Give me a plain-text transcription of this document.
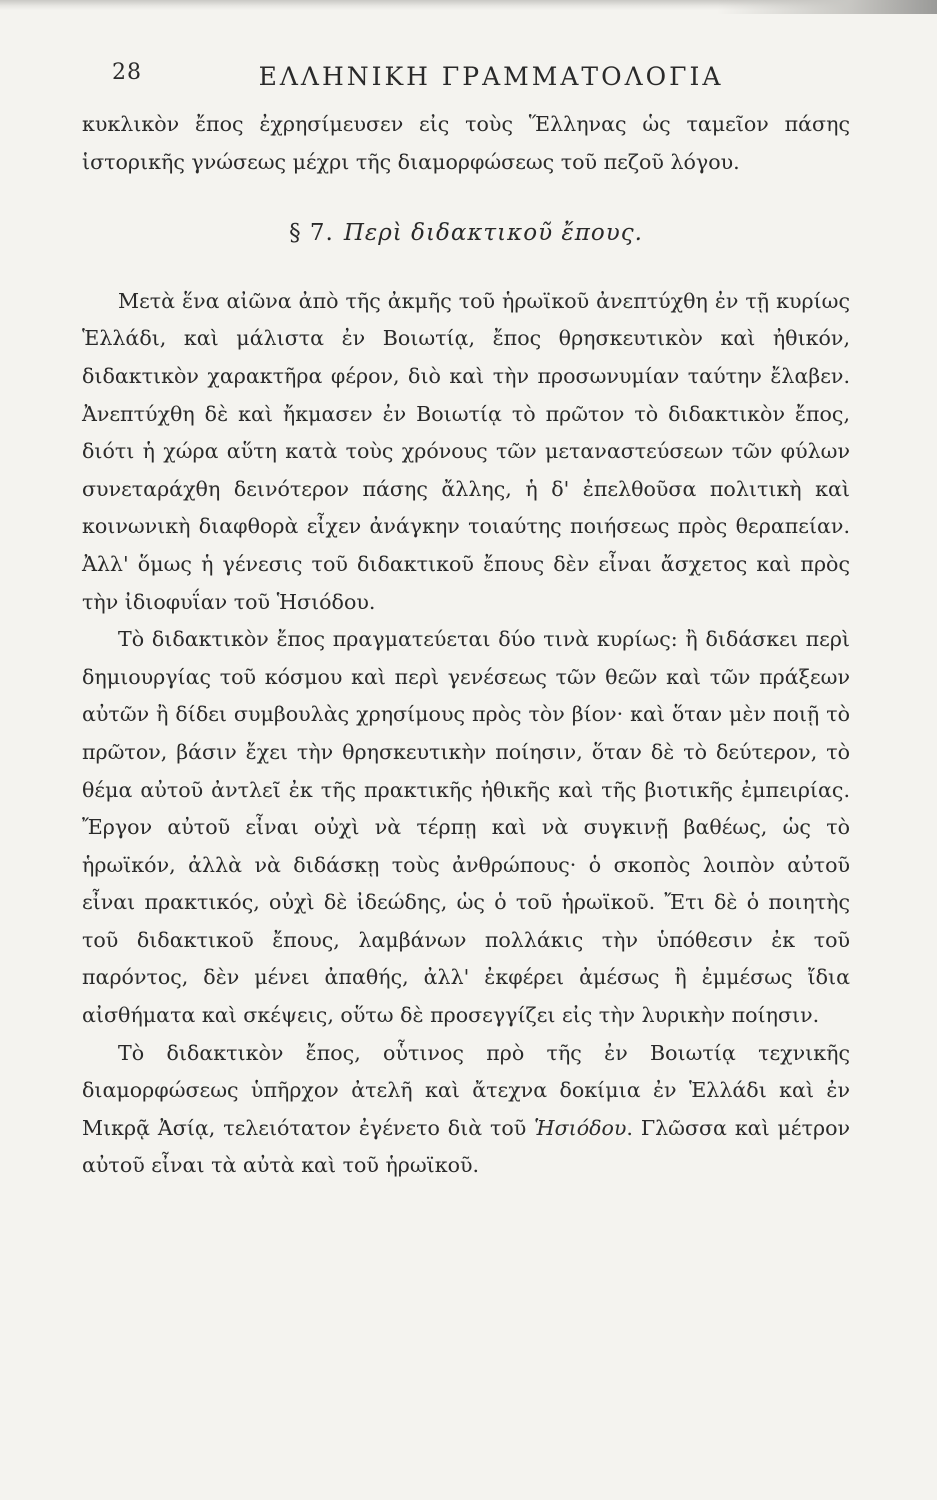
28	ΕΛΛΗΝΙΚΗ ΓΡΑΜΜΑΤΟΛΟΓΙΑ

κυκλικὸν ἔπος ἐχρησίμευσεν εἰς τοὺς Ἕλληνας ὡς ταμεῖον πάσης ἱστορικῆς γνώσεως μέχρι τῆς διαμορφώσεως τοῦ πεζοῦ λόγου.

§ 7. Περὶ διδακτικοῦ ἔπους.

Μετὰ ἕνα αἰῶνα ἀπὸ τῆς ἀκμῆς τοῦ ἡρωϊκοῦ ἀνεπτύχθη ἐν τῇ κυρίως Ἑλλάδι, καὶ μάλιστα ἐν Βοιωτίᾳ, ἔπος θρησκευτικὸν καὶ ἠθικόν, διδακτικὸν χαρακτῆρα φέρον, διὸ καὶ τὴν προσωνυμίαν ταύτην ἔλαβεν. Ἀνεπτύχθη δὲ καὶ ἤκμασεν ἐν Βοιωτίᾳ τὸ πρῶτον τὸ διδακτικὸν ἔπος, διότι ἡ χώρα αὕτη κατὰ τοὺς χρόνους τῶν μεταναστεύσεων τῶν φύλων συνεταράχθη δεινότερον πάσης ἄλλης, ἡ δ' ἐπελθοῦσα πολιτικὴ καὶ κοινωνικὴ διαφθορὰ εἶχεν ἀνάγκην τοιαύτης ποιήσεως πρὸς θεραπείαν. Ἀλλ' ὅμως ἡ γένεσις τοῦ διδακτικοῦ ἔπους δὲν εἶναι ἄσχετος καὶ πρὸς τὴν ἰδιοφυΐαν τοῦ Ἡσιόδου.

Τὸ διδακτικὸν ἔπος πραγματεύεται δύο τινὰ κυρίως: ἢ διδάσκει περὶ δημιουργίας τοῦ κόσμου καὶ περὶ γενέσεως τῶν θεῶν καὶ τῶν πράξεων αὐτῶν ἢ δίδει συμβουλὰς χρησίμους πρὸς τὸν βίον· καὶ ὅταν μὲν ποιῇ τὸ πρῶτον, βάσιν ἔχει τὴν θρησκευτικὴν ποίησιν, ὅταν δὲ τὸ δεύτερον, τὸ θέμα αὐτοῦ ἀντλεῖ ἐκ τῆς πρακτικῆς ἠθικῆς καὶ τῆς βιοτικῆς ἐμπειρίας. Ἔργον αὐτοῦ εἶναι οὐχὶ νὰ τέρπῃ καὶ νὰ συγκινῇ βαθέως, ὡς τὸ ἡρωϊκόν, ἀλλὰ νὰ διδάσκῃ τοὺς ἀνθρώπους· ὁ σκοπὸς λοιπὸν αὐτοῦ εἶναι πρακτικός, οὐχὶ δὲ ἰδεώδης, ὡς ὁ τοῦ ἡρωϊκοῦ. Ἔτι δὲ ὁ ποιητὴς τοῦ διδακτικοῦ ἔπους, λαμβάνων πολλάκις τὴν ὑπόθεσιν ἐκ τοῦ παρόντος, δὲν μένει ἀπαθής, ἀλλ' ἐκφέρει ἀμέσως ἢ ἐμμέσως ἴδια αἰσθήματα καὶ σκέψεις, οὕτω δὲ προσεγγίζει εἰς τὴν λυρικὴν ποίησιν.

Τὸ διδακτικὸν ἔπος, οὗτινος πρὸ τῆς ἐν Βοιωτίᾳ τεχνικῆς διαμορφώσεως ὑπῆρχον ἀτελῆ καὶ ἄτεχνα δοκίμια ἐν Ἑλλάδι καὶ ἐν Μικρᾷ Ἀσίᾳ, τελειότατον ἐγένετο διὰ τοῦ Ἡσιόδου. Γλῶσσα καὶ μέτρον αὐτοῦ εἶναι τὰ αὐτὰ καὶ τοῦ ἡρωϊκοῦ.
